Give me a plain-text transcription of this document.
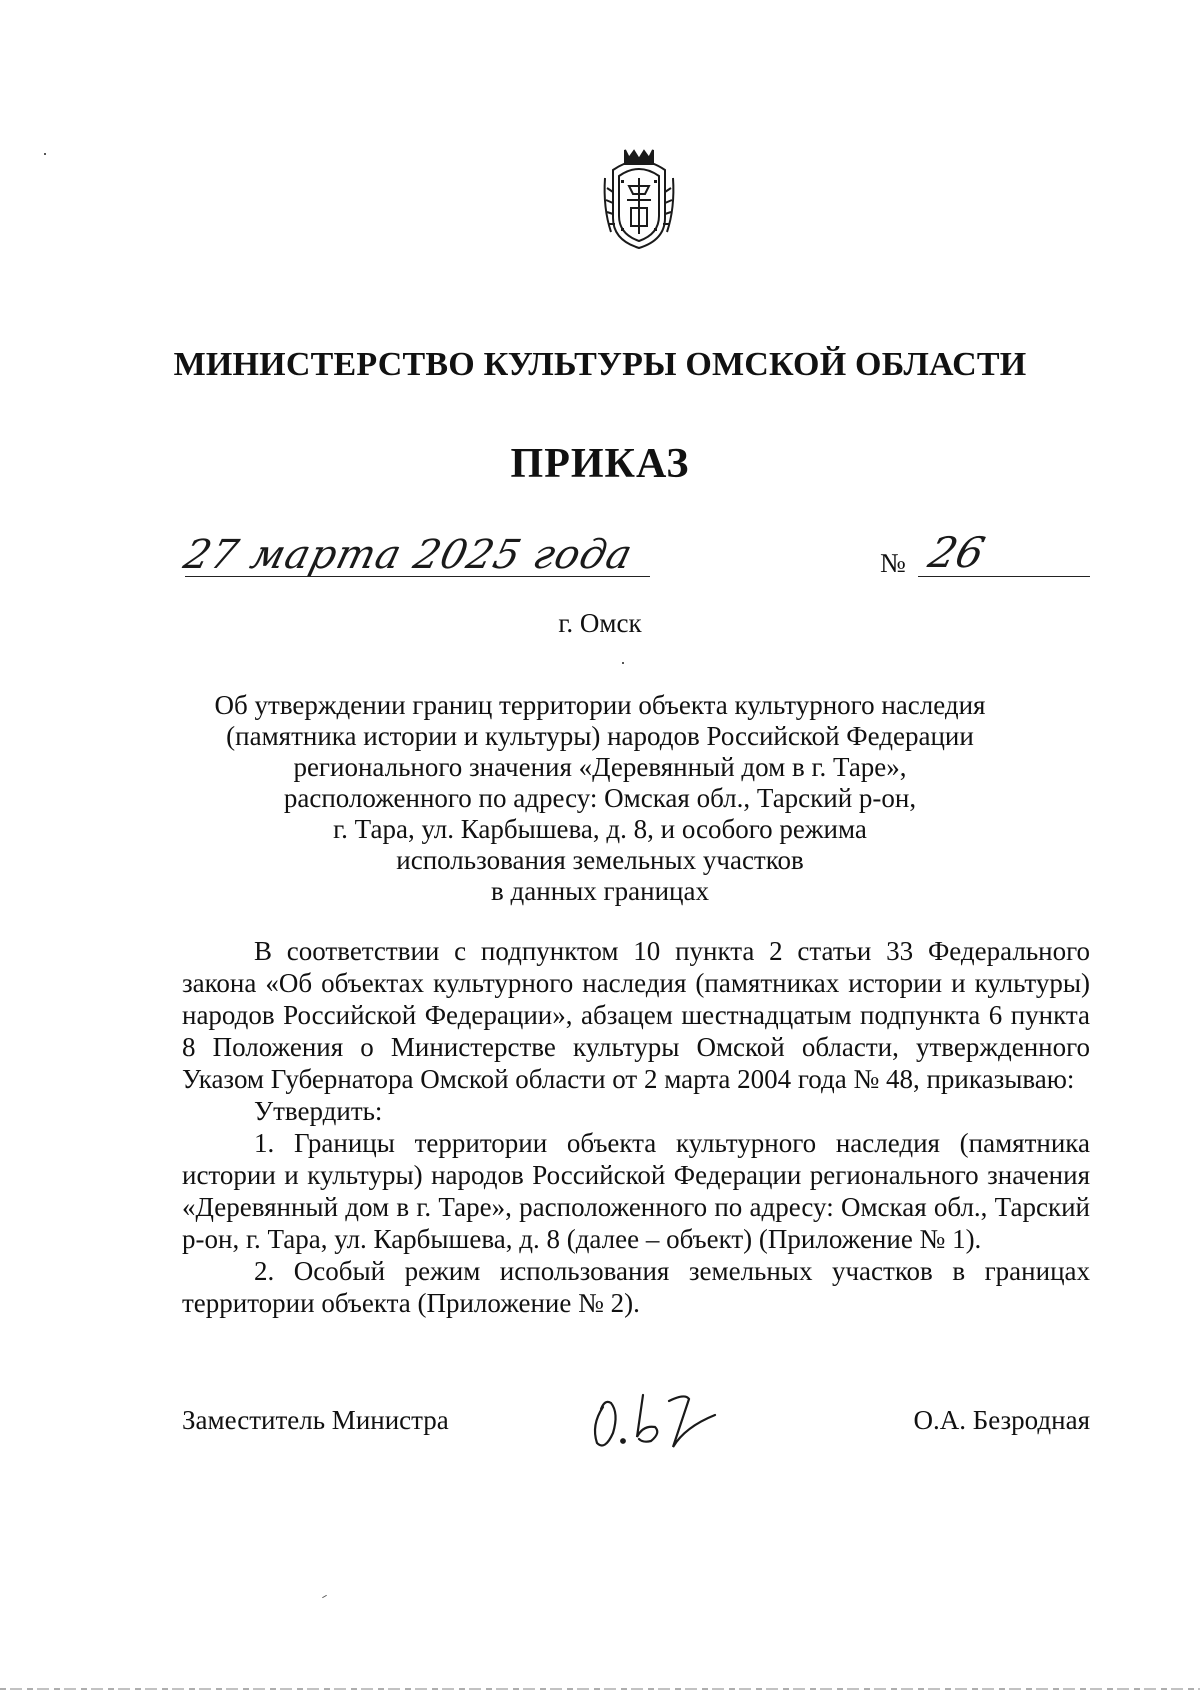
МИНИСТЕРСТВО КУЛЬТУРЫ ОМСКОЙ ОБЛАСТИ
ПРИКАЗ
27 марта 2025 года	№ 26
г. Омск
Об утверждении границ территории объекта культурного наследия
(памятника истории и культуры) народов Российской Федерации
регионального значения «Деревянный дом в г. Таре»,
расположенного по адресу: Омская обл., Тарский р-он,
г. Тара, ул. Карбышева, д. 8, и особого режима
использования земельных участков
в данных границах

В соответствии с подпунктом 10 пункта 2 статьи 33 Федерального закона «Об объектах культурного наследия (памятниках истории и культуры) народов Российской Федерации», абзацем шестнадцатым подпункта 6 пункта 8 Положения о Министерстве культуры Омской области, утвержденного Указом Губернатора Омской области от 2 марта 2004 года № 48, приказываю:

Утвердить:

1. Границы территории объекта культурного наследия (памятника истории и культуры) народов Российской Федерации регионального значения «Деревянный дом в г. Таре», расположенного по адресу: Омская обл., Тарский р-он, г. Тара, ул. Карбышева, д. 8 (далее – объект) (Приложение № 1).

2. Особый режим использования земельных участков в границах территории объекта (Приложение № 2).

Заместитель Министра	О.А. Безродная
